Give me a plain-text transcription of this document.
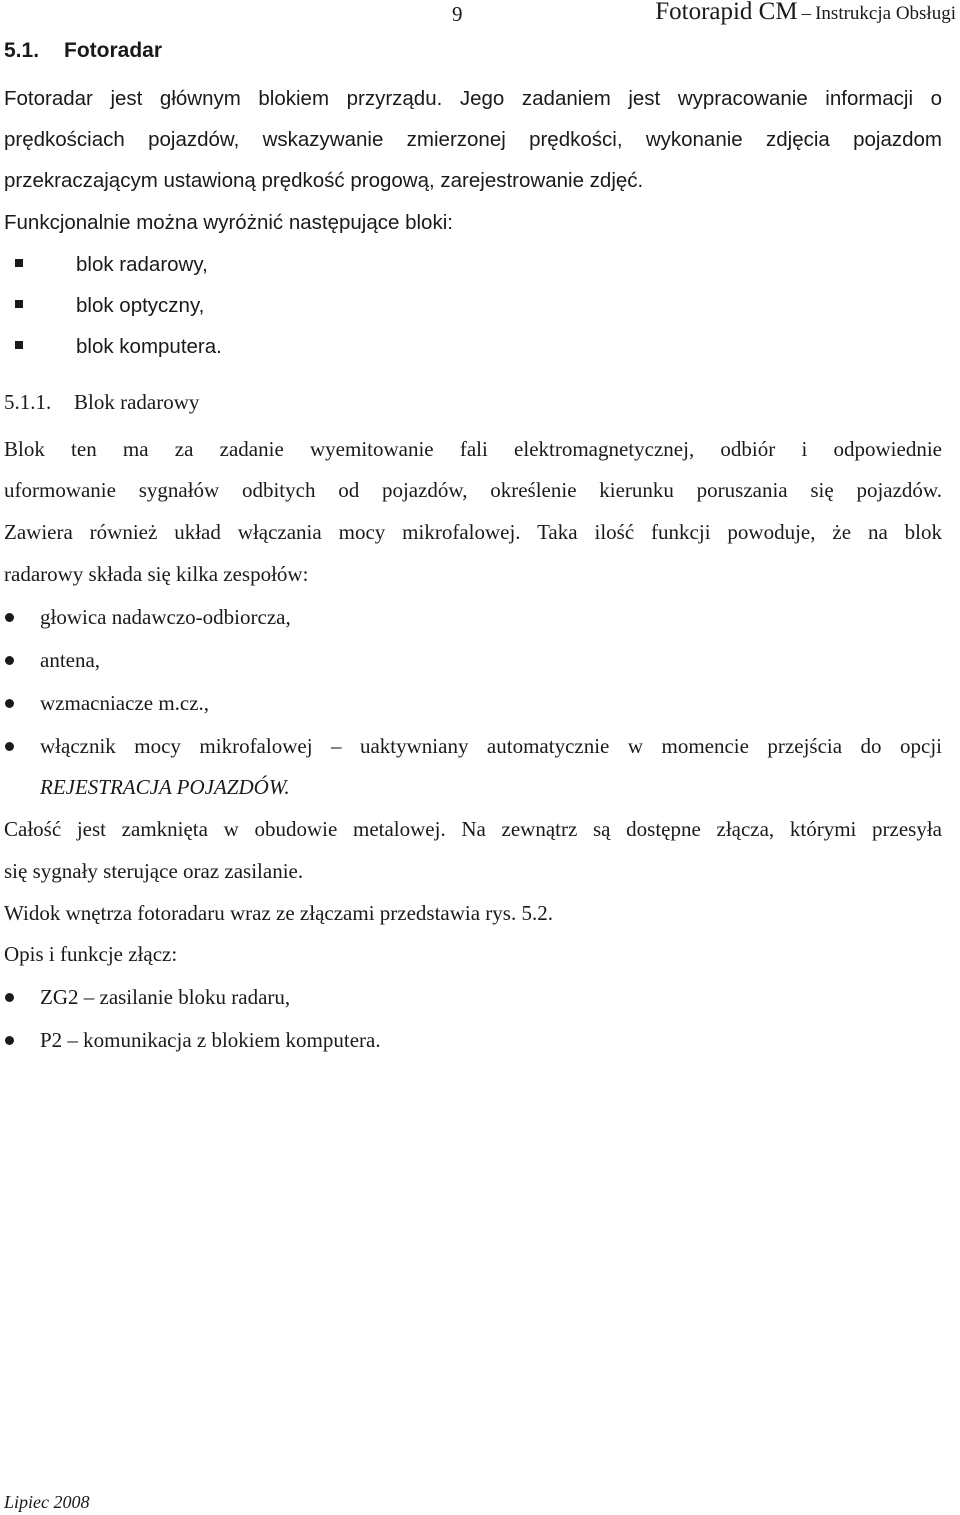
9	Fotorapid CM – Instrukcja Obsługi
5.1. Fotoradar
Fotoradar jest głównym blokiem przyrządu. Jego zadaniem jest wypracowanie informacji o
prędkościach pojazdów, wskazywanie zmierzonej prędkości, wykonanie zdjęcia pojazdom
przekraczającym ustawioną prędkość progową, zarejestrowanie zdjęć.
Funkcjonalnie można wyróżnić następujące bloki:
blok radarowy,
blok optyczny,
blok komputera.
5.1.1. Blok radarowy
Blok ten ma za zadanie wyemitowanie fali elektromagnetycznej, odbiór i odpowiednie
uformowanie sygnałów odbitych od pojazdów, określenie kierunku poruszania się pojazdów.
Zawiera również układ włączania mocy mikrofalowej. Taka ilość funkcji powoduje, że na blok
radarowy składa się kilka zespołów:
głowica nadawczo-odbiorcza,
antena,
wzmacniacze m.cz.,
włącznik mocy mikrofalowej – uaktywniany automatycznie w momencie przejścia do opcji
REJESTRACJA POJAZDÓW.
Całość jest zamknięta w obudowie metalowej. Na zewnątrz są dostępne złącza, którymi przesyła
się sygnały sterujące oraz zasilanie.
Widok wnętrza fotoradaru wraz ze złączami przedstawia rys. 5.2.
Opis i funkcje złącz:
ZG2 – zasilanie bloku radaru,
P2 – komunikacja z blokiem komputera.
Lipiec 2008
